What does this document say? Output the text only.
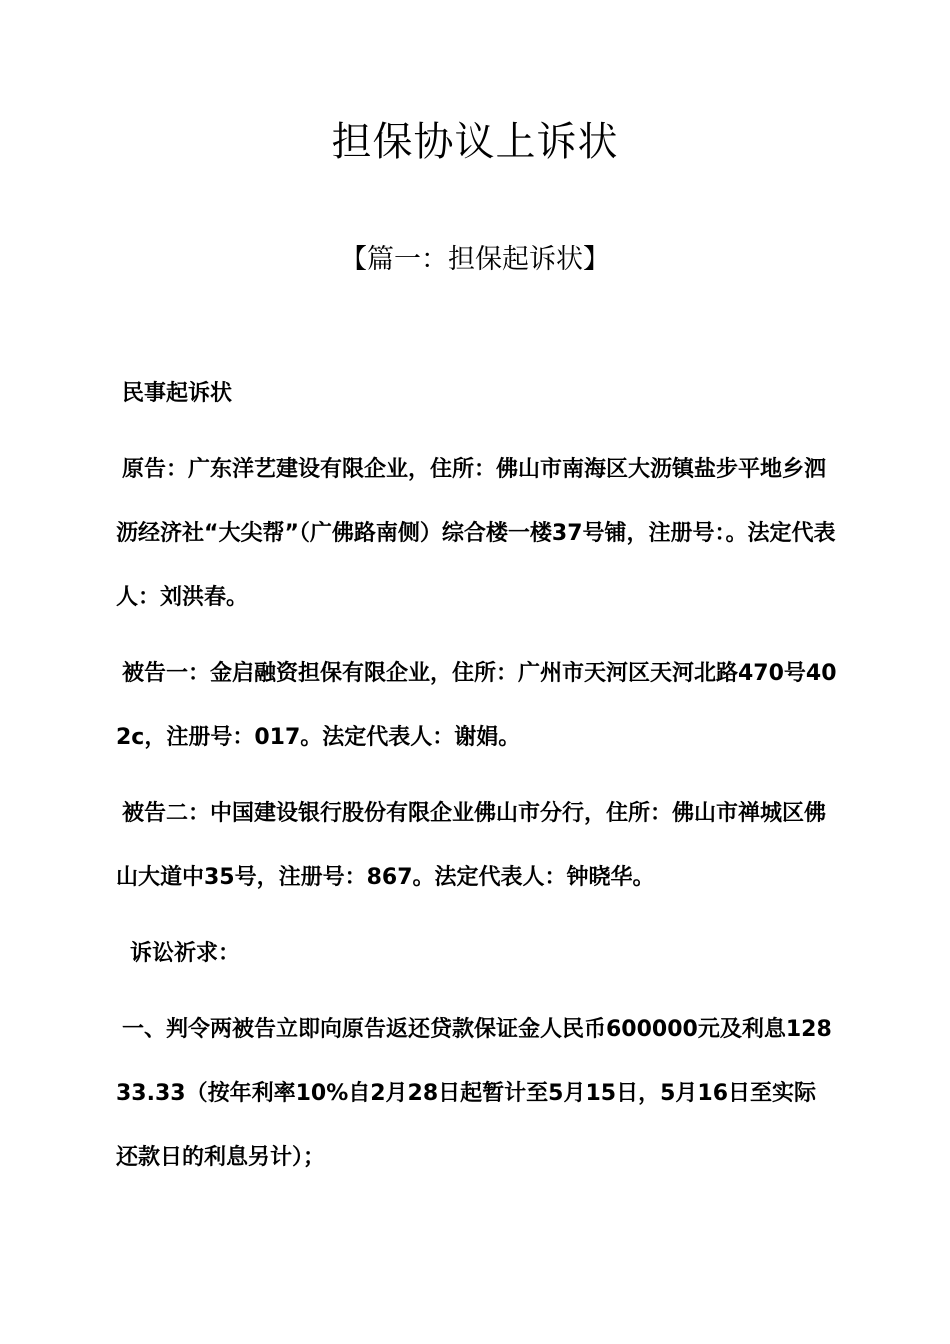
担保协议上诉状
【篇一：担保起诉状】

民事起诉状

原告：广东洋艺建设有限企业，住所：佛山市南海区大沥镇盐步平地乡泗沥经济社“大尖帮”（广佛路南侧）综合楼一楼37号铺，注册号：。法定代表人：刘洪春。

被告一：金启融资担保有限企业，住所：广州市天河区天河北路470号402c，注册号：017。法定代表人：谢娟。

被告二：中国建设银行股份有限企业佛山市分行，住所：佛山市禅城区佛山大道中35号，注册号：867。法定代表人：钟晓华。

诉讼祈求：

一、判令两被告立即向原告返还贷款保证金人民币600000元及利息12833.33（按年利率10%自2月28日起暂计至5月15日，5月16日至实际还款日的利息另计）；
